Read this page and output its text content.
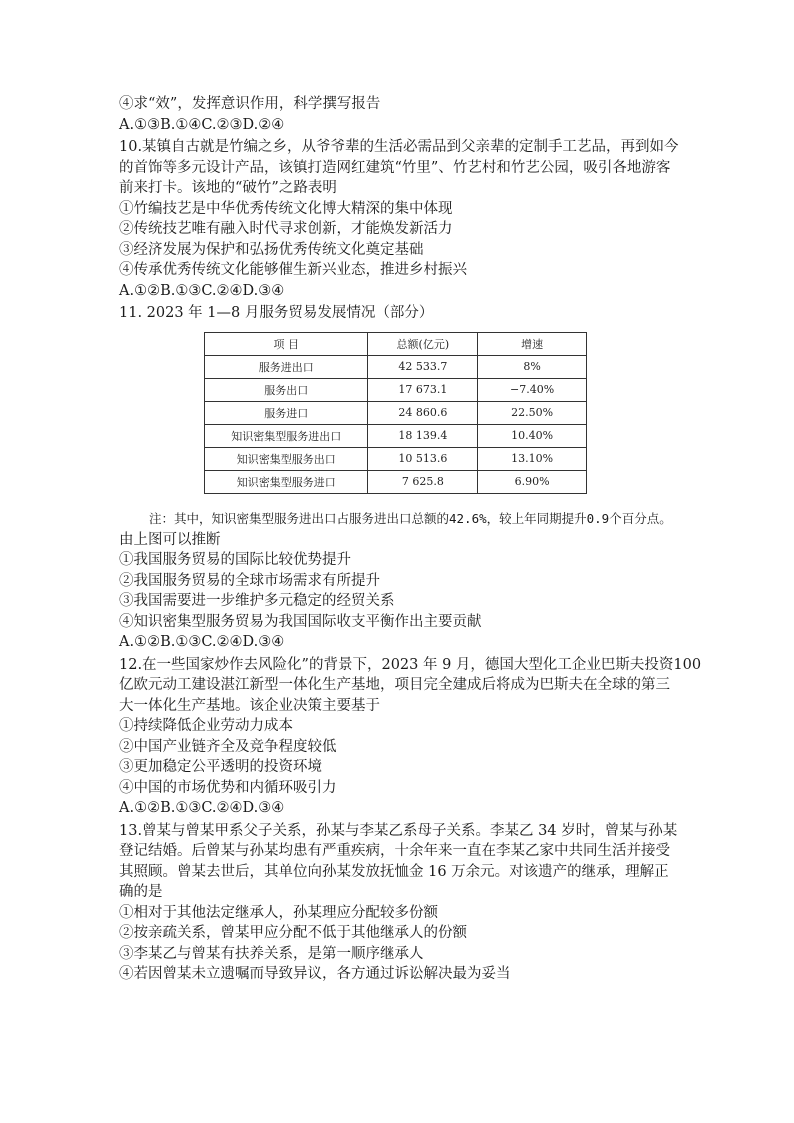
④求“效”，发挥意识作用，科学撰写报告
A.①③B.①④C.②③D.②④
10.某镇自古就是竹编之乡，从爷爷辈的生活必需品到父亲辈的定制手工艺品，再到如今
的首饰等多元设计产品，该镇打造网红建筑“竹里”、竹艺村和竹艺公园，吸引各地游客
前来打卡。该地的“破竹”之路表明
①竹编技艺是中华优秀传统文化博大精深的集中体现
②传统技艺唯有融入时代寻求创新，才能焕发新活力
③经济发展为保护和弘扬优秀传统文化奠定基础
④传承优秀传统文化能够催生新兴业态，推进乡村振兴
A.①②B.①③C.②④D.③④
11. 2023 年 1—8 月服务贸易发展情况（部分）
项 目	总额(亿元)	增速
服务进出口	42 533.7	8%
服务出口	17 673.1	−7.40%
服务进口	24 860.6	22.50%
知识密集型服务进出口	18 139.4	10.40%
知识密集型服务出口	10 513.6	13.10%
知识密集型服务进口	7 625.8	6.90%
注：其中，知识密集型服务进出口占服务进出口总额的42.6%，较上年同期提升0.9个百分点。
由上图可以推断
①我国服务贸易的国际比较优势提升
②我国服务贸易的全球市场需求有所提升
③我国需要进一步维护多元稳定的经贸关系
④知识密集型服务贸易为我国国际收支平衡作出主要贡献
A.①②B.①③C.②④D.③④
12.在一些国家炒作去风险化”的背景下，2023 年 9 月，德国大型化工企业巴斯夫投资100
亿欧元动工建设湛江新型一体化生产基地，项目完全建成后将成为巴斯夫在全球的第三
大一体化生产基地。该企业决策主要基于
①持续降低企业劳动力成本
②中国产业链齐全及竞争程度较低
③更加稳定公平透明的投资环境
④中国的市场优势和内循环吸引力
A.①②B.①③C.②④D.③④
13.曾某与曾某甲系父子关系，孙某与李某乙系母子关系。李某乙 34 岁时，曾某与孙某
登记结婚。后曾某与孙某均患有严重疾病，十余年来一直在李某乙家中共同生活并接受
其照顾。曾某去世后，其单位向孙某发放抚恤金 16 万余元。对该遗产的继承，理解正
确的是
①相对于其他法定继承人，孙某理应分配较多份额
②按亲疏关系，曾某甲应分配不低于其他继承人的份额
③李某乙与曾某有扶养关系，是第一顺序继承人
④若因曾某未立遗嘱而导致异议，各方通过诉讼解决最为妥当
